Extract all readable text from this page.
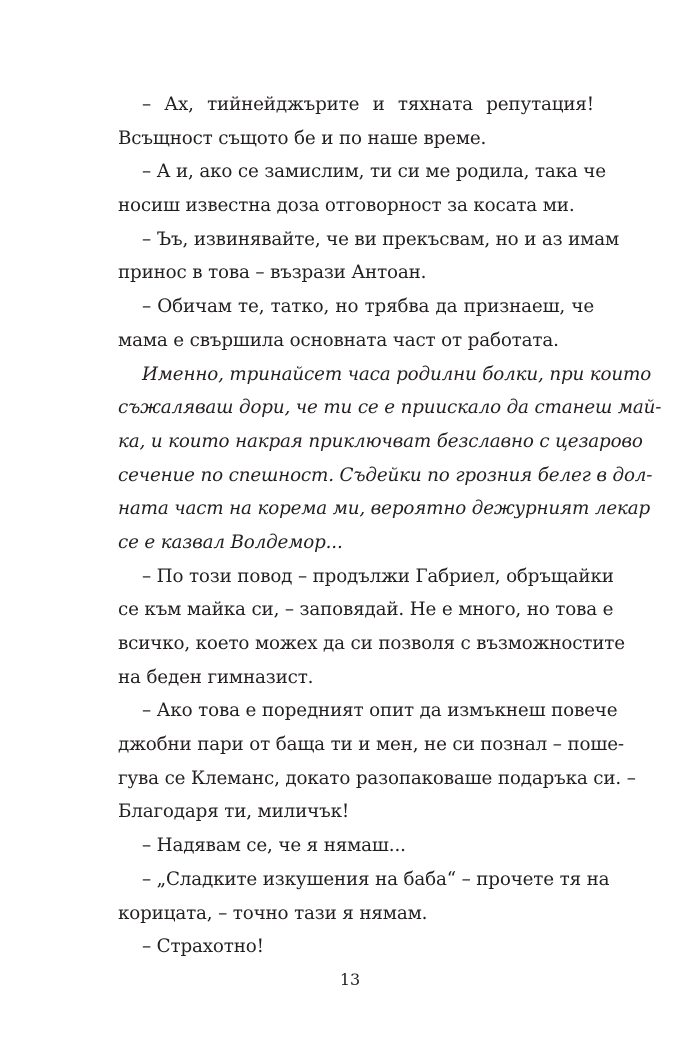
– Ах, тийнейджърите и тяхната репутация!
Всъщност същото бе и по наше време.
– А и, ако се замислим, ти си ме родила, така че
носиш известна доза отговорност за косата ми.
– Ъъ, извинявайте, че ви прекъсвам, но и аз имам
принос в това – възрази Антоан.
– Обичам те, татко, но трябва да признаеш, че
мама е свършила основната част от работата.
Именно, тринайсет часа родилни болки, при които
съжаляваш дори, че ти се е приискало да станеш май-
ка, и които накрая приключват безславно с цезарово
сечение по спешност. Съдейки по грозния белег в дол-
ната част на корема ми, вероятно дежурният лекар
се е казвал Волдемор...
– По този повод – продължи Габриел, обръщайки
се към майка си, – заповядай. Не е много, но това е
всичко, което можех да си позволя с възможностите
на беден гимназист.
– Ако това е поредният опит да измъкнеш повече
джобни пари от баща ти и мен, не си познал – поше-
гува се Клеманс, докато разопаковаше подаръка си. –
Благодаря ти, миличък!
– Надявам се, че я нямаш...
– „Сладките изкушения на баба“ – прочете тя на
корицата, – точно тази я нямам.
– Страхотно!
13
